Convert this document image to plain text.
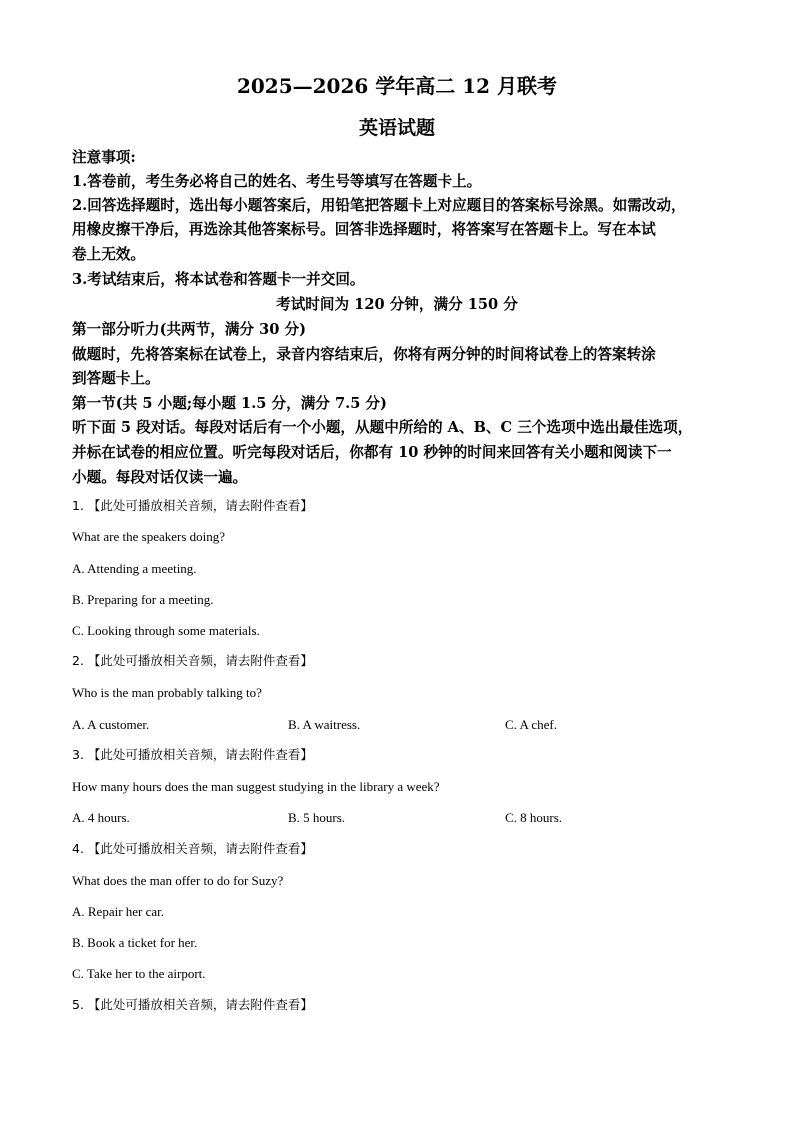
2025—2026 学年高二 12 月联考
英语试题
注意事项:
1.答卷前，考生务必将自己的姓名、考生号等填写在答题卡上。
2.回答选择题时，选出每小题答案后，用铅笔把答题卡上对应题目的答案标号涂黑。如需改动，
用橡皮擦干净后，再选涂其他答案标号。回答非选择题时，将答案写在答题卡上。写在本试
卷上无效。
3.考试结束后，将本试卷和答题卡一并交回。
考试时间为 120 分钟，满分 150 分
第一部分听力(共两节，满分 30 分)
做题时，先将答案标在试卷上，录音内容结束后，你将有两分钟的时间将试卷上的答案转涂
到答题卡上。
第一节(共 5 小题;每小题 1.5 分，满分 7.5 分)
听下面 5 段对话。每段对话后有一个小题，从题中所给的 A、B、C 三个选项中选出最佳选项，
并标在试卷的相应位置。听完每段对话后，你都有 10 秒钟的时间来回答有关小题和阅读下一
小题。每段对话仅读一遍。
1. 【此处可播放相关音频，请去附件查看】
What are the speakers doing?
A. Attending a meeting.
B. Preparing for a meeting.
C. Looking through some materials.
2. 【此处可播放相关音频，请去附件查看】
Who is the man probably talking to?
A. A customer.	B. A waitress.	C. A chef.
3. 【此处可播放相关音频，请去附件查看】
How many hours does the man suggest studying in the library a week?
A. 4 hours.	B. 5 hours.	C. 8 hours.
4. 【此处可播放相关音频，请去附件查看】
What does the man offer to do for Suzy?
A. Repair her car.
B. Book a ticket for her.
C. Take her to the airport.
5. 【此处可播放相关音频，请去附件查看】
